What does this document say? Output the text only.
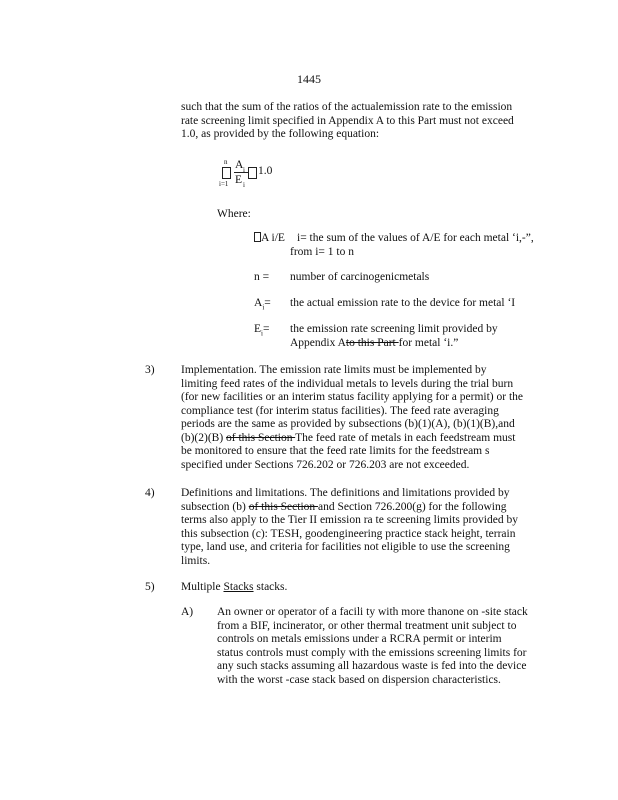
1445
such that the sum of the ratios of the actualemission rate to the emission
rate screening limit specified in Appendix A to this Part must not exceed
1.0, as provided by the following equation:
n
i=1
A i
E i
1.0
Where:
A i/E i= the sum of the values of A/E for each metal ‘i,-”,
from i= 1 to n
n = number of carcinogenicmetals
$A_i=$ the actual emission rate to the device for metal ‘I
$E_i=$ the emission rate screening limit provided by
Appendix Ato this Part for metal ‘i.”
3) Implementation. The emission rate limits must be implemented by
limiting feed rates of the individual metals to levels during the trial burn
(for new facilities or an interim status facility applying for a permit) or the
compliance test (for interim status facilities). The feed rate averaging
periods are the same as provided by subsections (b)(1)(A), (b)(1)(B),and
(b)(2)(B) of this Section The feed rate of metals in each feedstream must
be monitored to ensure that the feed rate limits for the feedstream s
specified under Sections 726.202 or 726.203 are not exceeded.
4) Definitions and limitations. The definitions and limitations provided by
subsection (b) of this Section and Section 726.200(g) for the following
terms also apply to the Tier II emission ra te screening limits provided by
this subsection (c): TESH, goodengineering practice stack height, terrain
type, land use, and criteria for facilities not eligible to use the screening
limits.
5) Multiple Stacks stacks.
A) An owner or operator of a facili ty with more thanone on -site stack
from a BIF, incinerator, or other thermal treatment unit subject to
controls on metals emissions under a RCRA permit or interim
status controls must comply with the emissions screening limits for
any such stacks assuming all hazardous waste is fed into the device
with the worst -case stack based on dispersion characteristics.
